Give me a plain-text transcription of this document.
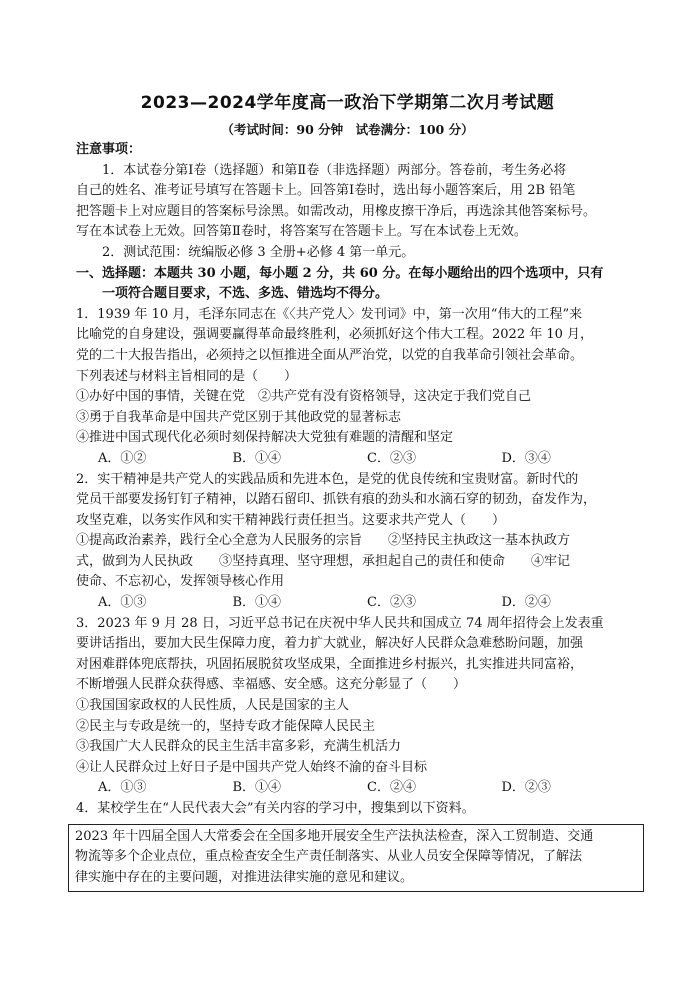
2023—2024学年度高一政治下学期第二次月考试题
（考试时间：90 分钟　试卷满分：100 分）
注意事项：
1．本试卷分第Ⅰ卷（选择题）和第Ⅱ卷（非选择题）两部分。答卷前，考生务必将
自己的姓名、准考证号填写在答题卡上。回答第Ⅰ卷时，选出每小题答案后，用 2B 铅笔
把答题卡上对应题目的答案标号涂黑。如需改动，用橡皮擦干净后，再选涂其他答案标号。
写在本试卷上无效。回答第Ⅱ卷时，将答案写在答题卡上。写在本试卷上无效。
2．测试范围：统编版必修 3 全册+必修 4 第一单元。
一、选择题：本题共 30 小题，每小题 2 分，共 60 分。在每小题给出的四个选项中，只有
一项符合题目要求，不选、多选、错选均不得分。
1．1939 年 10 月，毛泽东同志在《〈共产党人〉发刊词》中，第一次用“伟大的工程”来
比喻党的自身建设，强调要赢得革命最终胜利，必须抓好这个伟大工程。2022 年 10 月，
党的二十大报告指出，必须持之以恒推进全面从严治党，以党的自我革命引领社会革命。
下列表述与材料主旨相同的是（　　）
①办好中国的事情，关键在党　②共产党有没有资格领导，这决定于我们党自己
③勇于自我革命是中国共产党区别于其他政党的显著标志
④推进中国式现代化必须时刻保持解决大党独有难题的清醒和坚定
A．①②	B．①④	C．②③	D．③④
2．实干精神是共产党人的实践品质和先进本色，是党的优良传统和宝贵财富。新时代的
党员干部要发扬钉钉子精神，以踏石留印、抓铁有痕的劲头和水滴石穿的韧劲，奋发作为，
攻坚克难，以务实作风和实干精神践行责任担当。这要求共产党人（　　）
①提高政治素养，践行全心全意为人民服务的宗旨　　②坚持民主执政这一基本执政方
式，做到为人民执政　　③坚持真理、坚守理想，承担起自己的责任和使命　　④牢记
使命、不忘初心，发挥领导核心作用
A．①③	B．①④	C．②③	D．②④
3．2023 年 9 月 28 日，习近平总书记在庆祝中华人民共和国成立 74 周年招待会上发表重
要讲话指出，要加大民生保障力度，着力扩大就业，解决好人民群众急难愁盼问题，加强
对困难群体兜底帮扶，巩固拓展脱贫攻坚成果，全面推进乡村振兴，扎实推进共同富裕，
不断增强人民群众获得感、幸福感、安全感。这充分彰显了（　　）
①我国国家政权的人民性质，人民是国家的主人
②民主与专政是统一的，坚持专政才能保障人民民主
③我国广大人民群众的民主生活丰富多彩，充满生机活力
④让人民群众过上好日子是中国共产党人始终不渝的奋斗目标
A．①③	B．①④	C．②④	D．②③
4．某校学生在“人民代表大会”有关内容的学习中，搜集到以下资料。
2023 年十四届全国人大常委会在全国多地开展安全生产法执法检查，深入工贸制造、交通
物流等多个企业点位，重点检查安全生产责任制落实、从业人员安全保障等情况，了解法
律实施中存在的主要问题，对推进法律实施的意见和建议。
